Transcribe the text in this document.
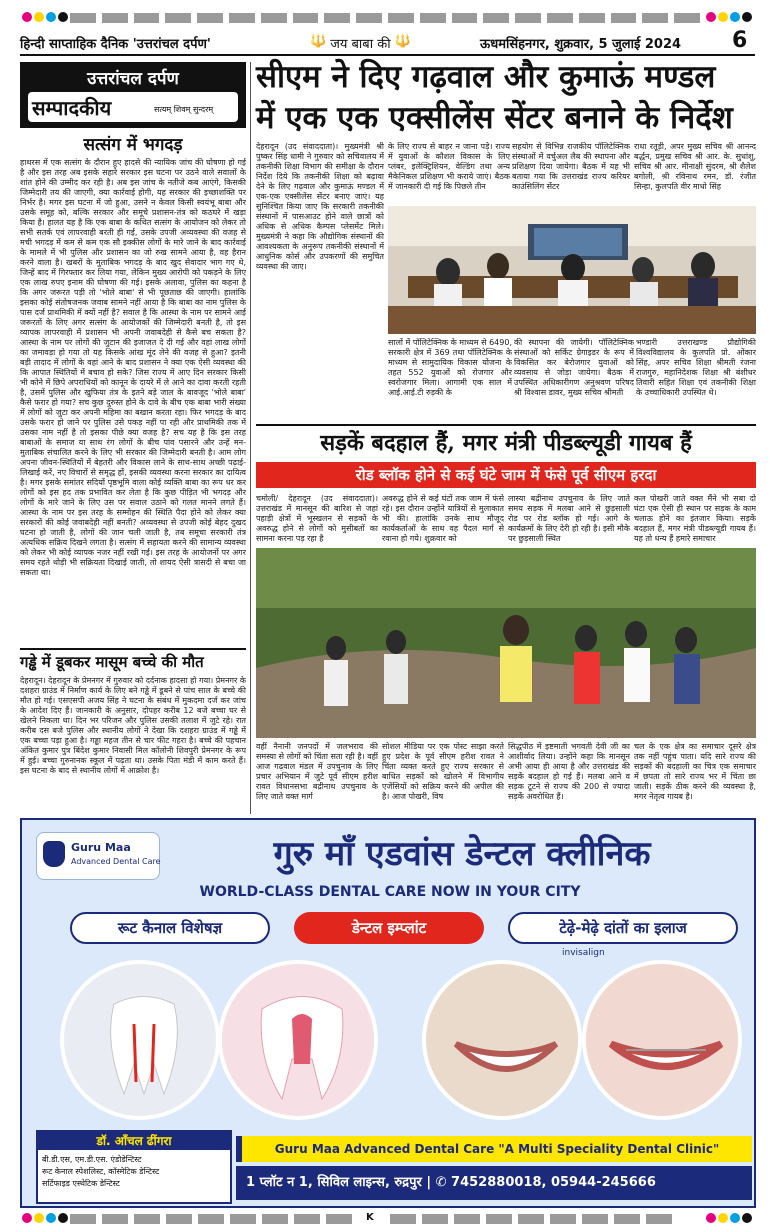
हिन्दी साप्ताहिक दैनिक 'उत्तरांचल दर्पण'	🔱 जय बाबा की 🔱	ऊधमसिंहनगर, शुक्रवार, 5 जुलाई 2024 6
उत्तरांचल दर्पण
सम्पादकीय	सत्यम् शिवम् सुन्दरम्
सत्संग में भगदड़
हाथरस में एक सत्संग के दौरान हुए हादसे की न्यायिक जांच की घोषणा हो गई है और इस तरह अब इसके सहारे सरकार इस घटना पर उठने वाले सवालों के शांत होने की उम्मीद कर रही है। अब इस जांच के नतीजे कब आएंगे, किसकी जिम्मेदारी तय की जाएगी, क्या कार्रवाई होगी, यह सरकार की इच्छाशक्ति पर निर्भर है। मगर इस घटना में जो हुआ, उसने न केवल किसी स्वयंभू बाबा और उसके समूह को, बल्कि सरकार और समूचे प्रशासन-तंत्र को कठघरे में खड़ा किया है। हालत यह है कि एक बाबा के कथित सत्संग के आयोजन को लेकर तो सभी सतर्क एवं लापरवाही बरती ही गई, उसके उपजी अव्यवस्था की वजह से मची भगदड़ में कम से कम एक सौ इक्कीस लोगों के मारे जाने के बाद कार्रवाई के मामले में भी पुलिस और प्रशासन का जो रुख सामने आया है, वह हैरान करने वाला है। खबरों के मुताबिक भगदड़ के बाद खुद सेवादार भाग गए थे, जिन्हें बाद में गिरफ्तार कर लिया गया, लेकिन मुख्य आरोपी को पकड़ने के लिए एक लाख रुपए इनाम की घोषणा की गई। इसके अलावा, पुलिस का कहना है कि अगर जरूरत पड़ी तो 'भोले बाबा' से भी पूछताछ की जाएगी। हालांकि इसका कोई संतोषजनक जवाब सामने नहीं आया है कि बाबा का नाम पुलिस के पास दर्ज प्राथमिकी में क्यों नहीं है? सवाल है कि आस्था के नाम पर सामने आई जरूरतों के लिए अगर सत्संग के आयोजकों की जिम्मेदारी बनती है, तो इस व्यापक लापरवाही में प्रशासन भी अपनी जवाबदेही से कैसे बच सकता है? आस्था के नाम पर लोगों की जुटान की इजाजत दे दी गई और वहां लाख लोगों का जमावड़ा हो गया तो यह किसके आंख मूंद लेने की वजह से हुआ? इतनी बड़ी तादाद में लोगों के वहां आने के बाद प्रशासन ने क्या एक ऐसी व्यवस्था की कि आपात स्थितियों में बचाव हो सके? जिस राज्य में आए दिन सरकार किसी भी कोने में छिपे अपराधियों को कानून के दायरे में ले आने का दावा करती रहती है, उसमें पुलिस और खुफिया तंत्र के इतने बड़े जाल के बावजूद 'भोले बाबा' कैसे फरार हो गया? सच कुछ दुरुस्त होने के दावे के बीच एक बाबा भारी संख्या में लोगों को जुटा कर अपनी महिमा का बखान करता रहा। फिर भगदड़ के बाद उसके फरार हो जाने पर पुलिस उसे पकड़ नहीं पा रही और प्राथमिकी तक में उसका नाम नहीं है तो इसका पीछे क्या वजह है? सच यह है कि इस तरह बाबाओं के समाज या साथ रंग लोगों के बीच पांव पसारने और उन्हें मन-मुताबिक संचालित करने के लिए भी सरकार की जिम्मेदारी बनती है। आम लोग अपना जीवन-स्थितियों में बेहतरी और विकास लाने के साथ-साथ अच्छी पढ़ाई-लिखाई करें, नए विचारों से समृद्ध हों, इसकी व्यवस्था करना सरकार का दायित्व है। मगर इसके समांतर सदियों पृष्ठभूमि वाला कोई व्यक्ति बाबा का रूप धर कर लोगों को इस हद तक प्रभावित कर लेता है कि कुछ पीड़ित भी भगदड़ और लोगों के मारे जाने के लिए उस पर सवाल उठाने को गलत मानने लगते हैं। आस्था के नाम पर इस तरह के सम्मोहन की स्थिति पैदा होने को लेकर क्या सरकारों की कोई जवाबदेही नहीं बनती? अव्यवस्था से उपजी कोई बेहद दुखद घटना हो जाती है, लोगों की जान चली जाती है, तब समूचा सरकारी तंत्र अत्यधिक सक्रिय दिखने लगता है। सत्संग में सहायता करने की सामान्य व्यवस्था को लेकर भी कोई व्यापक नजर नहीं रखी गई। इस तरह के आयोजनों पर अगर समय रहते थोड़ी भी सक्रियता दिखाई जाती, तो शायद ऐसी त्रासदी से बचा जा सकता था।
गड्ढे में डूबकर मासूम बच्चे की मौत
देहरादून। देहरादून के प्रेमनगर में गुरुवार को दर्दनाक हादसा हो गया। प्रेमनगर के दशहरा ग्राउंड में निर्माण कार्य के लिए बने गड्ढे में डूबने से पांच साल के बच्चे की मौत हो गई। एसएसपी अजय सिंह ने घटना के संबंध में मुकदमा दर्ज कर जांच के आदेश दिए हैं। जानकारी के अनुसार, दोपहर करीब 12 बजे बच्चा घर से खेलने निकला था। दिन भर परिजन और पुलिस उसकी तलाश में जुटे रहे। रात करीब दस बजे पुलिस और स्थानीय लोगों ने देखा कि दशहरा ग्राउंड में गड्ढे में एक बच्चा पड़ा हुआ है। गड्ढा महज तीन से चार फीट गहरा है। बच्चे की पहचान अंकित कुमार पुत्र बिंदेश कुमार निवासी मिल कॉलोनी शिवपुरी प्रेमनगर के रूप में हुई। बच्चा गुरुनानक स्कूल में पढ़ता था। उसके पिता मंडी में काम करते हैं। इस घटना के बाद से स्थानीय लोगों में आक्रोश है।
सीएम ने दिए गढ़वाल और कुमाऊं मण्डल
में एक एक एक्सीलेंस सेंटर बनाने के निर्देश
देहरादून (उद संवाददाता)। मुख्यमंत्री श्री पुष्कर सिंह धामी ने गुरुवार को सचिवालय में तकनीकी शिक्षा विभाग की समीक्षा के दौरान निर्देश दिये कि तकनीकी शिक्षा को बढ़ावा देने के लिए गढ़वाल और कुमाऊं मण्डल में एक-एक एक्सीलेंस सेंटर बनाए जाएं। यह सुनिश्चित किया जाए कि सरकारी तकनीकी संस्थानों में पासआउट होने वाले छात्रों को अधिक से अधिक कैम्पस प्लेसमेंट मिले। मुख्यमंत्री ने कहा कि औद्योगिक संस्थानों की आवश्यकता के अनुरूप तकनीकी संस्थानों में आधुनिक कोर्स और उपकरणों की समुचित व्यवस्था की जाए।
के लिए राज्य से बाहर न जाना पड़े। राज्य में युवाओं के कौशल विकास के लिए प्लंबर, इलेक्ट्रिशियन, वेल्डिंग तथा अन्य मैकेनिकल प्रशिक्षण भी कराये जाएं। बैठक में जानकारी दी गई कि पिछले तीन
सहयोग से विभिन्न राजकीय पॉलिटेक्निक संस्थाओं में वर्चुअल लैब की स्थापना और प्रशिक्षण दिया जायेगा। बैठक में यह भी बताया गया कि उत्तराखंड राज्य करियर काउंसिलिंग सेंटर
राधा रतूड़ी, अपर मुख्य सचिव श्री आनन्द बर्द्धन, प्रमुख सचिव श्री आर. के. सुधांशु, सचिव श्री आर. मीनाक्षी सुंदरम, श्री शैलेश बगोली, श्री रविनाथ रमन, डॉ. रंजीत सिन्हा, कुलपति वीर माधो सिंह
सालों में पॉलिटेक्निक के माध्यम से 6490, सरकारी क्षेत्र में 369 तथा पॉलिटेक्निक के माध्यम से सामुदायिक विकास योजना के तहत 552 युवाओं को रोजगार और स्वरोजगार मिला। आगामी एक साल में आई.आई.टी रुड़की के
की स्थापना की जायेगी। पॉलिटेक्निक संस्थाओं को सर्किट ग्रेगाइडर के रूप में विकसित कर बेरोजगार युवाओं को व्यवसाय से जोड़ा जायेगा। बैठक में उपस्थित अधिकारीगण अनुश्रवण परिषद श्री विश्वास डावर, मुख्य सचिव श्रीमती
भण्डारी उत्तराखण्ड प्रौद्योगिकी विश्वविद्यालय के कुलपति प्रो. ओंकार सिंह, अपर सचिव शिक्षा श्रीमती रंजना राजगुरु, महानिदेशक शिक्षा श्री बंशीधर तिवारी सहित शिक्षा एवं तकनीकी शिक्षा के उच्चाधिकारी उपस्थित थे।
सड़कें बदहाल हैं, मगर मंत्री पीडब्ल्यूडी गायब हैं
रोड ब्लॉक होने से कई घंटे जाम में फंसे पूर्व सीएम हरदा
चमोली/ देहरादून (उद संवाददाता)। उत्तराखंड में मानसून की बारिश से जहां पहाड़ी क्षेत्रों में भूस्खलन से सड़कों के अवरुद्ध होने से लोगों को मुसीबतों का सामना करना पड़ रहा है
अवरुद्ध होने से कई घंटों तक जाम में फंसे रहे। इस दौरान उन्होंने यात्रियों से मुलाकात भी की। हालांकि उनके साथ मौजूद कार्यकर्ताओं के साथ वह पैदल मार्ग से रवाना हो गये। शुक्रवार को
लास्या बद्रीनाथ उपचुनाव के लिए जाते समय सड़क में मलबा आने से छुड़साली रोड पर रोड ब्लॉक हो गई। आगे के कार्यक्रमों के लिए देरी हो रही है। इसी मौके पर छुड़साली स्थित
कल पोखरी जाते वक्त मैंने भी सबा दो घंटा एक ऐसी ही स्थान पर सड़क के काम चलाऊ होने का इंतजार किया। सड़कें बदहाल हैं, मगर मंत्री पीडब्ल्यूडी गायब हैं। यह तो धन्य हैं हमारे समाचार
वहीं नैनानी जनपदों में जलभराव की समस्या से लोगों को चिंता सता रही है। वहीं आज गढ़वाल मंडल में उपचुनाव के लिए प्रचार अभियान में जुटे पूर्व सीएम हरीश रावत विधानसभा बद्रीनाथ उपचुनाव के लिए जाते वक्त मार्ग
सोशल मीडिया पर एक पोस्ट साझा करते हुए प्रदेश के पूर्व सीएम हरीश रावत ने चिंता व्यक्त करते हुए राज्य सरकार से बाधित सड़कों को खोलने में विभागीय एजेंसियों को सक्रिय करने की अपील की है। आज पोखरी, विष
सिद्धपीठ में इष्टमाती भगवती देवी जी का आशीर्वाद लिया। उन्होंने कहा कि मानसून अभी आया ही आया है और उत्तराखंड की सड़कें बदहाल हो गई हैं। मलबा आने व सड़क टूटने से राज्य की 200 से ज्यादा सड़कें अवरोधित हैं।
चल के एक क्षेत्र का समाचार दूसरे क्षेत्र तक नहीं पहुंच पाता। यदि सारे राज्य की सड़कों की बदहाली का चित्र एक समाचार में छपता तो सारे राज्य भर में चिंता छा जाती। सड़कें ठीक करने की व्यवस्था है, मगर नेतृत्व गायब है।
Guru Maa
Advanced Dental Care	गुरु माँ एडवांस डेन्टल क्लीनिक
WORLD-CLASS DENTAL CARE NOW IN YOUR CITY
रूट कैनाल विशेषज्ञ	डेन्टल इम्प्लांट	टेढ़े-मेढ़े दांतों का इलाज
invisalign
डॉ. आँचल ढींगरा
बी.डी.एस, एम.डी.एस. एंडोडेन्टिस्ट
रूट केनाल स्पेशलिस्ट, कॉस्मेटिक डेन्टिस्ट
सर्टिफाइड एस्थेटिक डेन्टिस्ट
Guru Maa Advanced Dental Care "A Multi Speciality Dental Clinic"
1 प्लॉट न 1, सिविल लाइन्स, रुद्रपुर | ✆ 7452880018, 05944-245666
K
